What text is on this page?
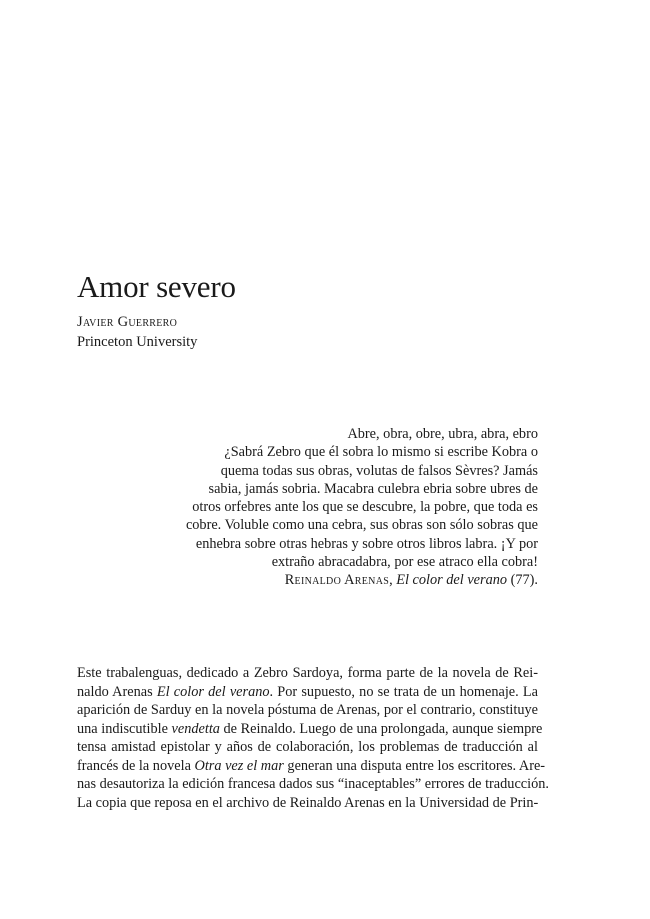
Amor severo
Javier Guerrero
Princeton University
Abre, obra, obre, ubra, abra, ebro
¿Sabrá Zebro que él sobra lo mismo si escribe Kobra o
quema todas sus obras, volutas de falsos Sèvres? Jamás
sabia, jamás sobria. Macabra culebra ebria sobre ubres de
otros orfebres ante los que se descubre, la pobre, que toda es
cobre. Voluble como una cebra, sus obras son sólo sobras que
enhebra sobre otras hebras y sobre otros libros labra. ¡Y por
extraño abracadabra, por ese atraco ella cobra!
Reinaldo Arenas, El color del verano (77).
Este trabalenguas, dedicado a Zebro Sardoya, forma parte de la novela de Rei-
naldo Arenas El color del verano. Por supuesto, no se trata de un homenaje. La
aparición de Sarduy en la novela póstuma de Arenas, por el contrario, constituye
una indiscutible vendetta de Reinaldo. Luego de una prolongada, aunque siempre
tensa amistad epistolar y años de colaboración, los problemas de traducción al
francés de la novela Otra vez el mar generan una disputa entre los escritores. Are-
nas desautoriza la edición francesa dados sus “inaceptables” errores de traducción.
La copia que reposa en el archivo de Reinaldo Arenas en la Universidad de Prin-
